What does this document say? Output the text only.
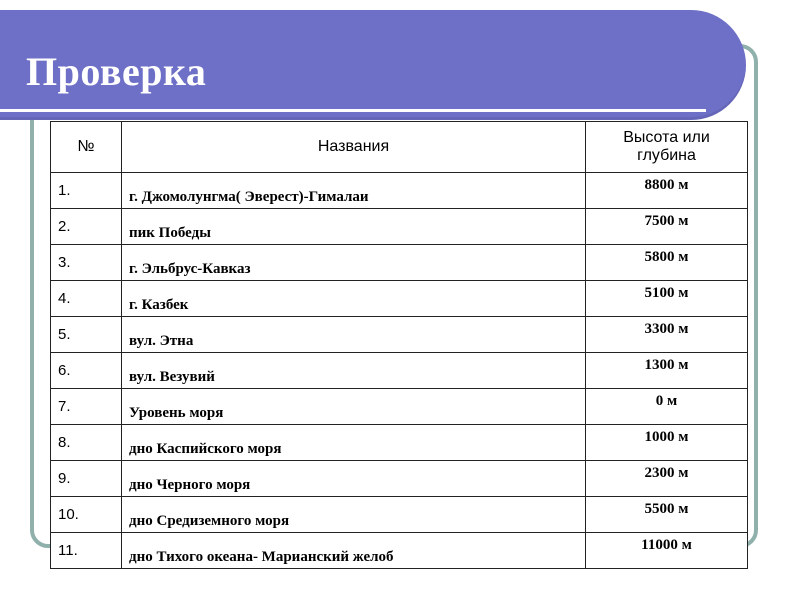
Проверка
№	Названия	Высота или глубина
1.	г. Джомолунгма( Эверест)-Гималаи	8800 м
2.	пик Победы	7500 м
3.	г. Эльбрус-Кавказ	5800 м
4.	г. Казбек	5100 м
5.	вул. Этна	3300 м
6.	вул. Везувий	1300 м
7.	Уровень моря	0 м
8.	дно Каспийского моря	1000 м
9.	дно Черного моря	2300 м
10.	дно Средиземного моря	5500 м
11.	дно Тихого океана- Марианский желоб	11000 м
